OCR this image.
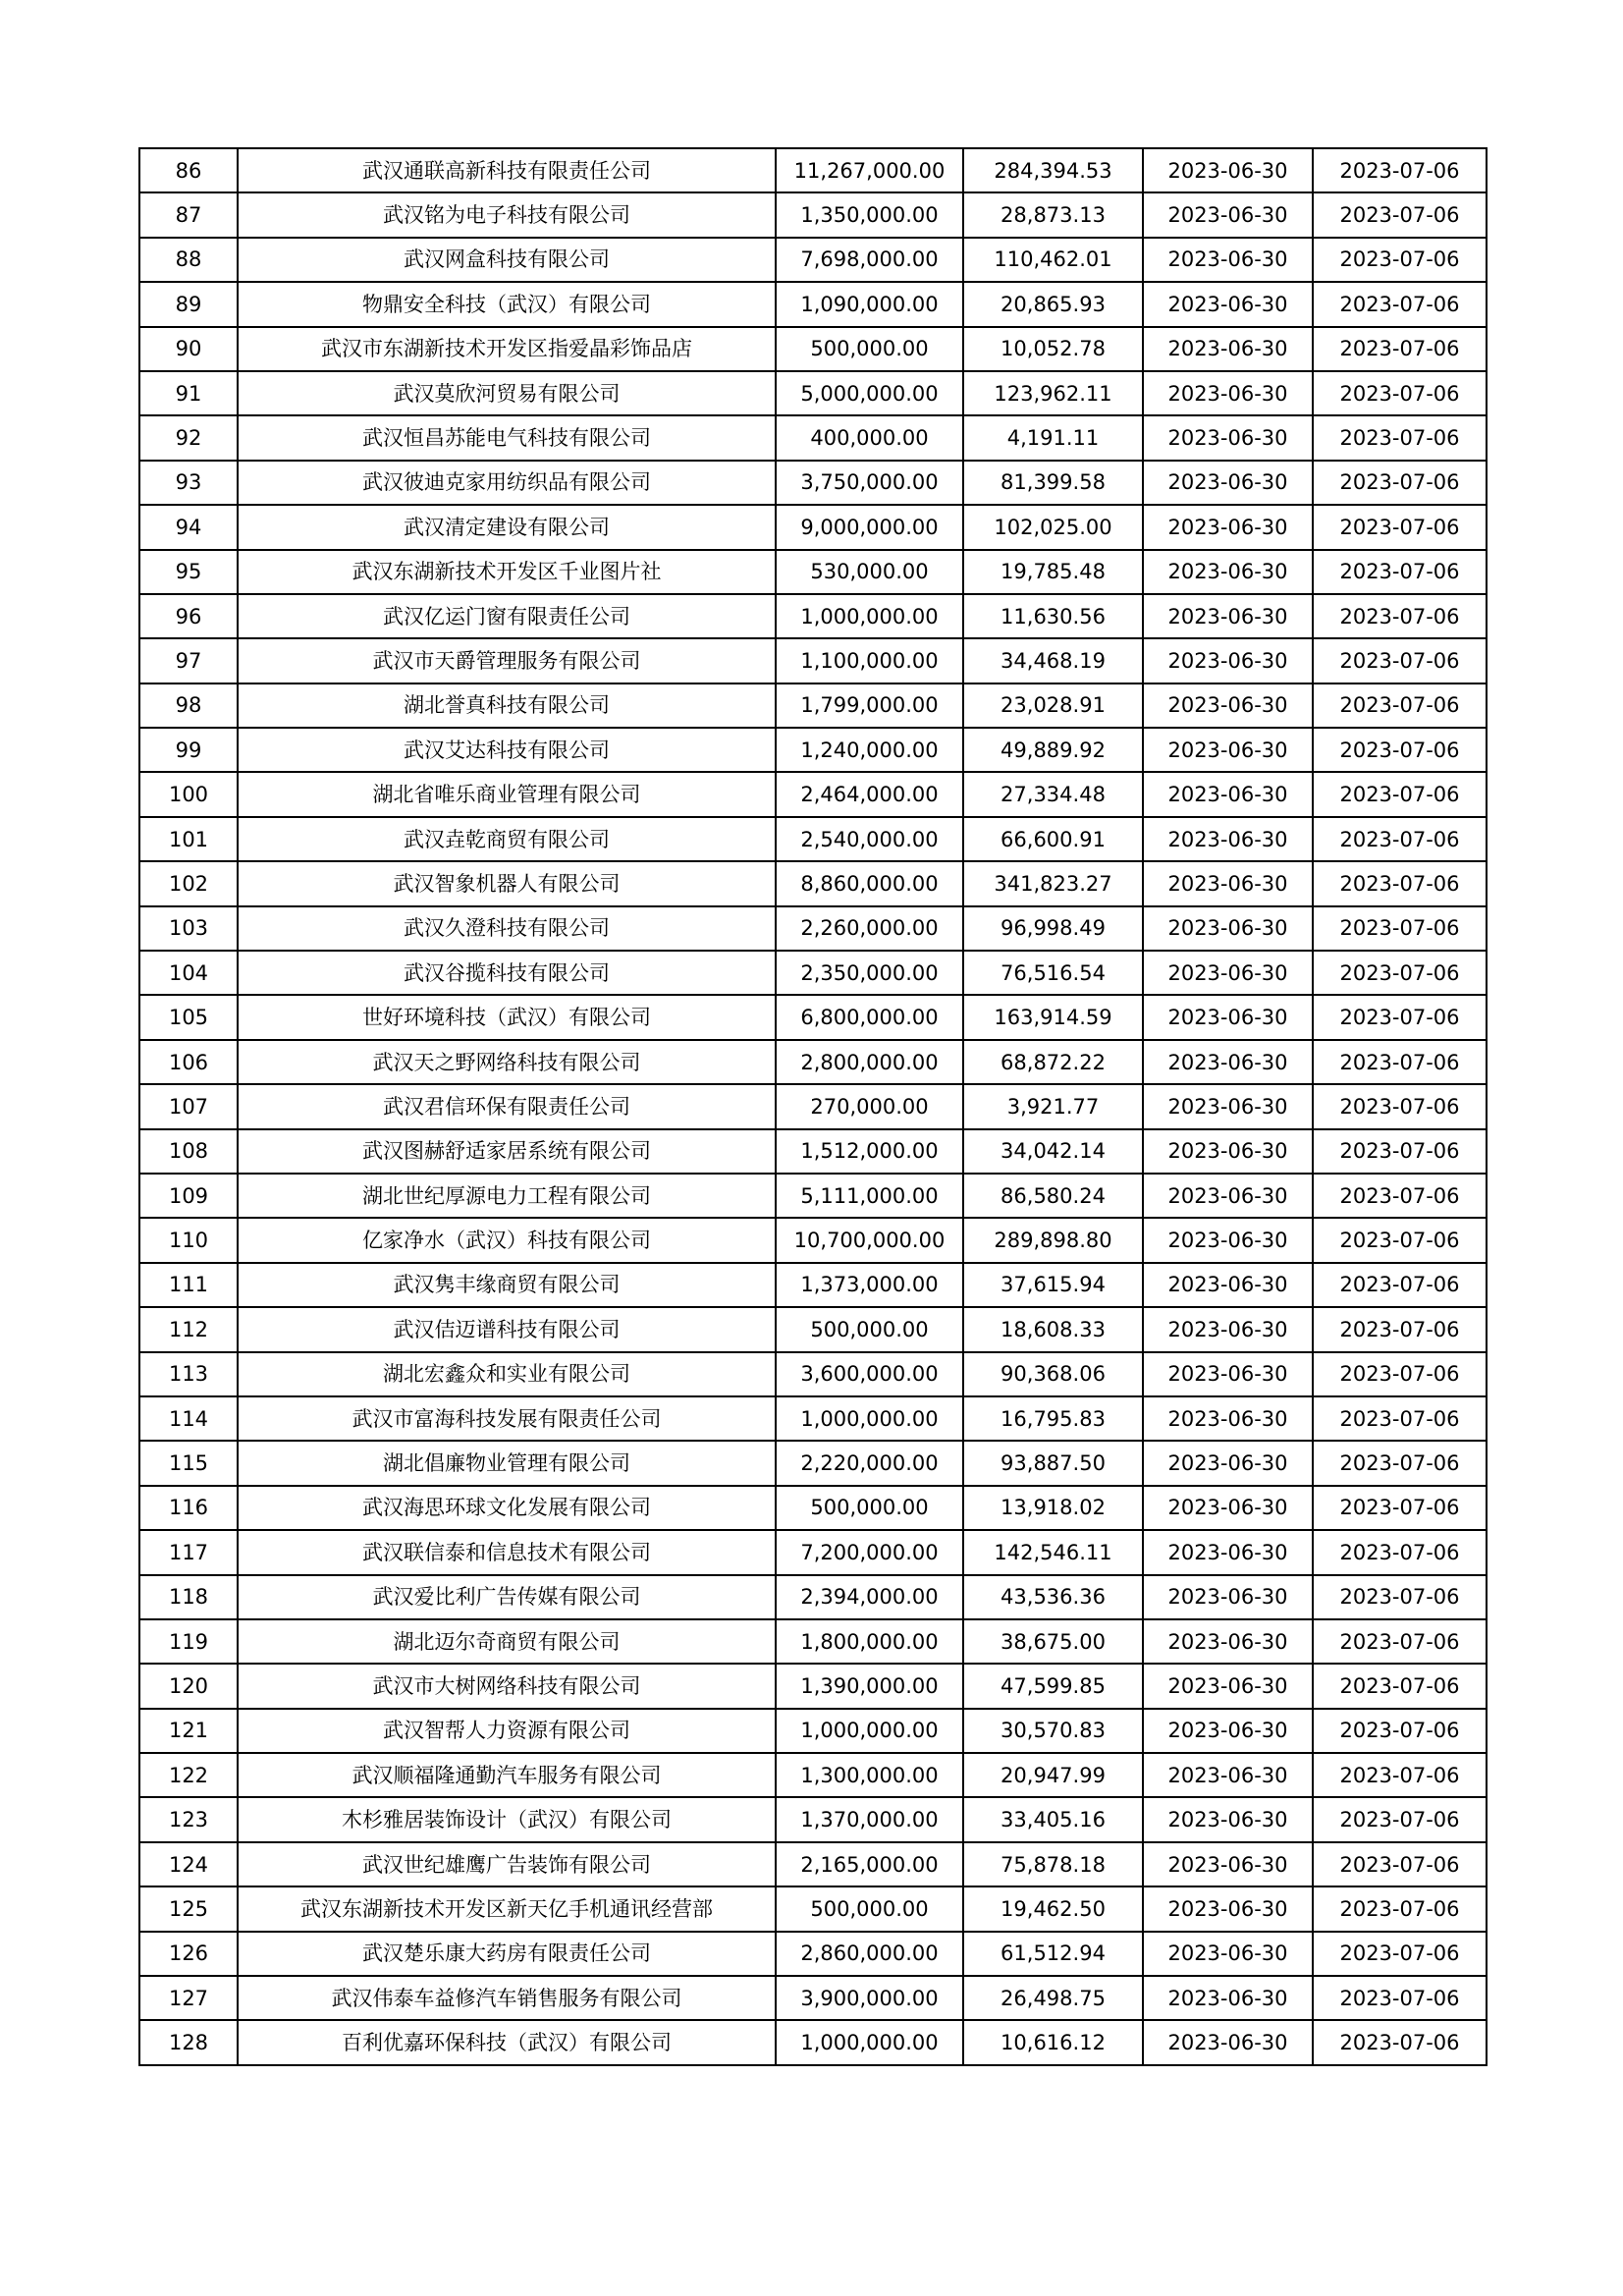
86	武汉通联高新科技有限责任公司	11,267,000.00	284,394.53	2023-06-30	2023-07-06
87	武汉铭为电子科技有限公司	1,350,000.00	28,873.13	2023-06-30	2023-07-06
88	武汉网盒科技有限公司	7,698,000.00	110,462.01	2023-06-30	2023-07-06
89	物鼎安全科技（武汉）有限公司	1,090,000.00	20,865.93	2023-06-30	2023-07-06
90	武汉市东湖新技术开发区指爱晶彩饰品店	500,000.00	10,052.78	2023-06-30	2023-07-06
91	武汉莫欣河贸易有限公司	5,000,000.00	123,962.11	2023-06-30	2023-07-06
92	武汉恒昌苏能电气科技有限公司	400,000.00	4,191.11	2023-06-30	2023-07-06
93	武汉彼迪克家用纺织品有限公司	3,750,000.00	81,399.58	2023-06-30	2023-07-06
94	武汉清定建设有限公司	9,000,000.00	102,025.00	2023-06-30	2023-07-06
95	武汉东湖新技术开发区千业图片社	530,000.00	19,785.48	2023-06-30	2023-07-06
96	武汉亿运门窗有限责任公司	1,000,000.00	11,630.56	2023-06-30	2023-07-06
97	武汉市天爵管理服务有限公司	1,100,000.00	34,468.19	2023-06-30	2023-07-06
98	湖北誉真科技有限公司	1,799,000.00	23,028.91	2023-06-30	2023-07-06
99	武汉艾达科技有限公司	1,240,000.00	49,889.92	2023-06-30	2023-07-06
100	湖北省唯乐商业管理有限公司	2,464,000.00	27,334.48	2023-06-30	2023-07-06
101	武汉垚乾商贸有限公司	2,540,000.00	66,600.91	2023-06-30	2023-07-06
102	武汉智象机器人有限公司	8,860,000.00	341,823.27	2023-06-30	2023-07-06
103	武汉久澄科技有限公司	2,260,000.00	96,998.49	2023-06-30	2023-07-06
104	武汉谷揽科技有限公司	2,350,000.00	76,516.54	2023-06-30	2023-07-06
105	世好环境科技（武汉）有限公司	6,800,000.00	163,914.59	2023-06-30	2023-07-06
106	武汉天之野网络科技有限公司	2,800,000.00	68,872.22	2023-06-30	2023-07-06
107	武汉君信环保有限责任公司	270,000.00	3,921.77	2023-06-30	2023-07-06
108	武汉图赫舒适家居系统有限公司	1,512,000.00	34,042.14	2023-06-30	2023-07-06
109	湖北世纪厚源电力工程有限公司	5,111,000.00	86,580.24	2023-06-30	2023-07-06
110	亿家净水（武汉）科技有限公司	10,700,000.00	289,898.80	2023-06-30	2023-07-06
111	武汉隽丰缘商贸有限公司	1,373,000.00	37,615.94	2023-06-30	2023-07-06
112	武汉佶迈谱科技有限公司	500,000.00	18,608.33	2023-06-30	2023-07-06
113	湖北宏鑫众和实业有限公司	3,600,000.00	90,368.06	2023-06-30	2023-07-06
114	武汉市富海科技发展有限责任公司	1,000,000.00	16,795.83	2023-06-30	2023-07-06
115	湖北倡廉物业管理有限公司	2,220,000.00	93,887.50	2023-06-30	2023-07-06
116	武汉海思环球文化发展有限公司	500,000.00	13,918.02	2023-06-30	2023-07-06
117	武汉联信泰和信息技术有限公司	7,200,000.00	142,546.11	2023-06-30	2023-07-06
118	武汉爱比利广告传媒有限公司	2,394,000.00	43,536.36	2023-06-30	2023-07-06
119	湖北迈尔奇商贸有限公司	1,800,000.00	38,675.00	2023-06-30	2023-07-06
120	武汉市大树网络科技有限公司	1,390,000.00	47,599.85	2023-06-30	2023-07-06
121	武汉智帮人力资源有限公司	1,000,000.00	30,570.83	2023-06-30	2023-07-06
122	武汉顺福隆通勤汽车服务有限公司	1,300,000.00	20,947.99	2023-06-30	2023-07-06
123	木杉雅居装饰设计（武汉）有限公司	1,370,000.00	33,405.16	2023-06-30	2023-07-06
124	武汉世纪雄鹰广告装饰有限公司	2,165,000.00	75,878.18	2023-06-30	2023-07-06
125	武汉东湖新技术开发区新天亿手机通讯经营部	500,000.00	19,462.50	2023-06-30	2023-07-06
126	武汉楚乐康大药房有限责任公司	2,860,000.00	61,512.94	2023-06-30	2023-07-06
127	武汉伟泰车益修汽车销售服务有限公司	3,900,000.00	26,498.75	2023-06-30	2023-07-06
128	百利优嘉环保科技（武汉）有限公司	1,000,000.00	10,616.12	2023-06-30	2023-07-06
